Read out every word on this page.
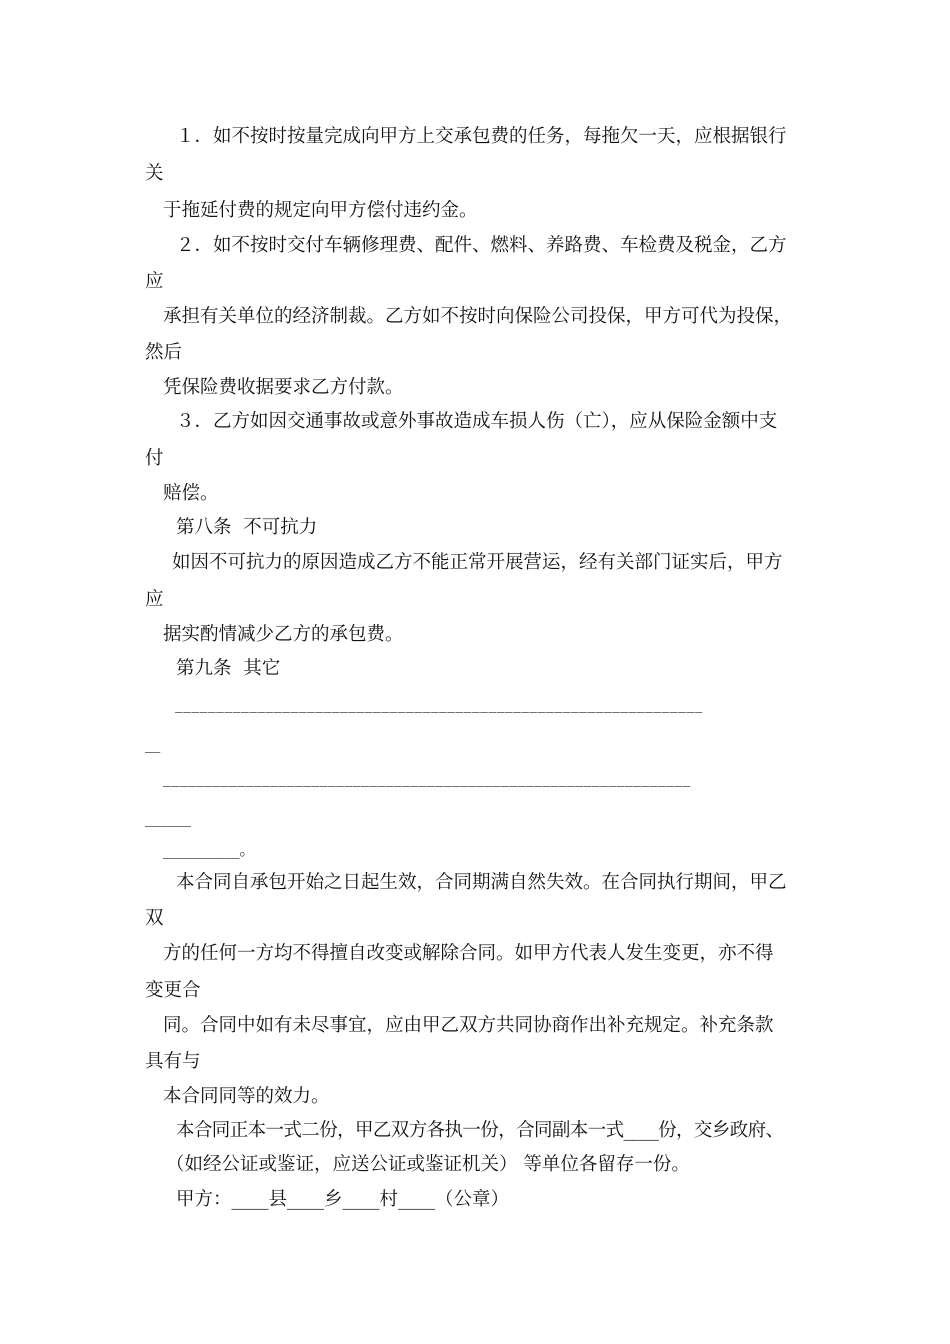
１．如不按时按量完成向甲方上交承包费的任务，每拖欠一天，应根据银行
关
于拖延付费的规定向甲方偿付违约金。
２．如不按时交付车辆修理费、配件、燃料、养路费、车检费及税金，乙方
应
承担有关单位的经济制裁。乙方如不按时向保险公司投保，甲方可代为投保，
然后
凭保险费收据要求乙方付款。
３．乙方如因交通事故或意外事故造成车损人伤（亡），应从保险金额中支
付
赔偿。
第八条  不可抗力
如因不可抗力的原因造成乙方不能正常开展营运，经有关部门证实后，甲方
应
据实酌情减少乙方的承包费。
第九条  其它
________________________________________________________________
__
________________________________________________________________
______
__________。
本合同自承包开始之日起生效，合同期满自然失效。在合同执行期间，甲乙
双
方的任何一方均不得擅自改变或解除合同。如甲方代表人发生变更，亦不得
变更合
同。合同中如有未尽事宜，应由甲乙双方共同协商作出补充规定。补充条款
具有与
本合同同等的效力。
本合同正本一式二份，甲乙双方各执一份，合同副本一式____份，交乡政府、
（如经公证或鉴证，应送公证或鉴证机关） 等单位各留存一份。
甲方：____县____乡____村____（公章）
